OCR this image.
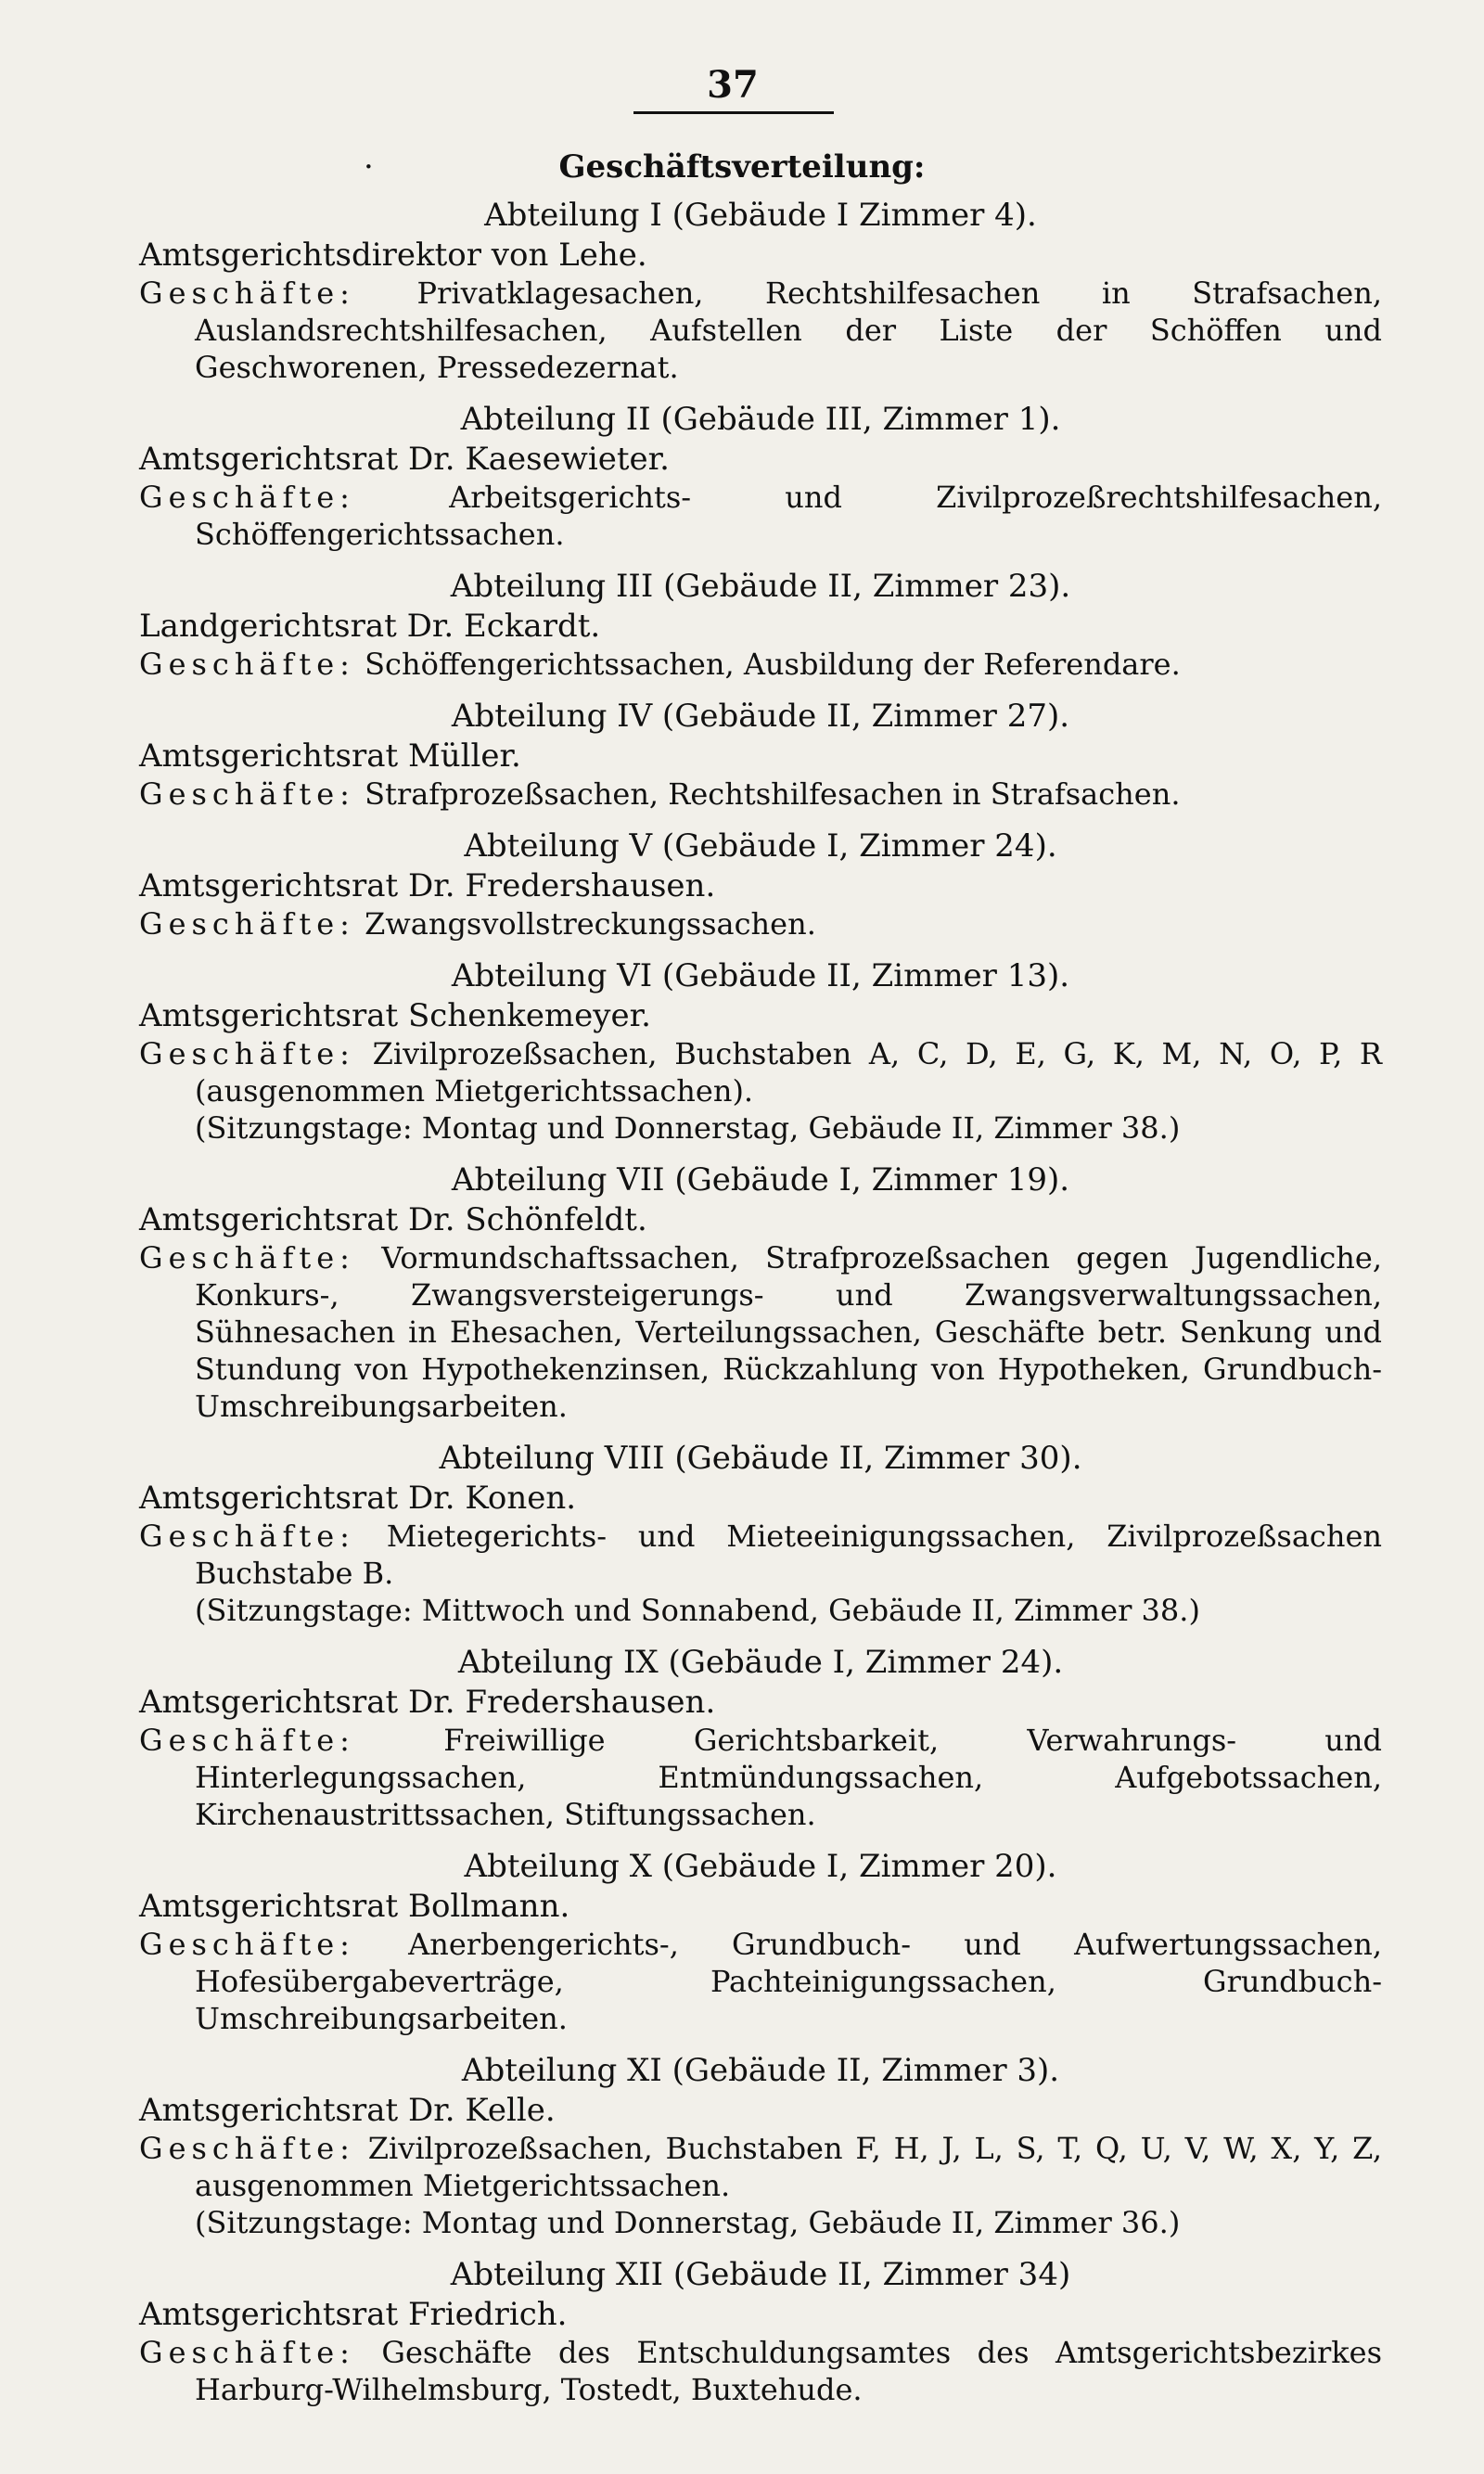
37
·	Geschäftsverteilung:
Abteilung I (Gebäude I Zimmer 4).
Amtsgerichtsdirektor von Lehe.
Geschäfte: Privatklagesachen, Rechtshilfesachen in Strafsachen, Auslandsrechtshilfesachen, Aufstellen der Liste der Schöffen und Geschworenen, Pressedezernat.
Abteilung II (Gebäude III, Zimmer 1).
Amtsgerichtsrat Dr. Kaesewieter.
Geschäfte:	Arbeitsgerichts- und Zivilprozeßrechtshilfesachen, Schöffengerichtssachen.
Abteilung III (Gebäude II, Zimmer 23).
Landgerichtsrat Dr. Eckardt.
Geschäfte: Schöffengerichtssachen, Ausbildung der Referendare.
Abteilung IV (Gebäude II, Zimmer 27).
Amtsgerichtsrat Müller.
Geschäfte: Strafprozeßsachen, Rechtshilfesachen in Strafsachen.
Abteilung V (Gebäude I, Zimmer 24).
Amtsgerichtsrat Dr. Fredershausen.
Geschäfte: Zwangsvollstreckungssachen.
Abteilung VI (Gebäude II, Zimmer 13).
Amtsgerichtsrat Schenkemeyer.
Geschäfte: Zivilprozeßsachen, Buchstaben A, C, D, E, G, K, M, N, O, P, R (ausgenommen Mietgerichtssachen).
(Sitzungstage: Montag und Donnerstag, Gebäude II, Zimmer 38.)
Abteilung VII (Gebäude I, Zimmer 19).
Amtsgerichtsrat Dr. Schönfeldt.
Geschäfte: Vormundschaftssachen, Strafprozeßsachen gegen Jugendliche, Konkurs-, Zwangsversteigerungs- und Zwangsverwaltungssachen, Sühnesachen in Ehesachen, Verteilungssachen, Geschäfte betr. Senkung und Stundung von Hypothekenzinsen, Rückzahlung von Hypotheken, Grundbuch-Umschreibungsarbeiten.
Abteilung VIII (Gebäude II, Zimmer 30).
Amtsgerichtsrat Dr. Konen.
Geschäfte: Mietegerichts- und Mieteeinigungssachen, Zivilprozeßsachen Buchstabe B.
(Sitzungstage: Mittwoch und Sonnabend, Gebäude II, Zimmer 38.)
Abteilung IX (Gebäude I, Zimmer 24).
Amtsgerichtsrat Dr. Fredershausen.
Geschäfte:	Freiwillige Gerichtsbarkeit, Verwahrungs- und Hinterlegungssachen, Entmündungssachen, Aufgebotssachen, Kirchenaustrittssachen, Stiftungssachen.
Abteilung X (Gebäude I, Zimmer 20).
Amtsgerichtsrat Bollmann.
Geschäfte: Anerbengerichts-, Grundbuch- und Aufwertungssachen, Hofesübergabeverträge, Pachteinigungssachen, Grundbuch-Umschreibungsarbeiten.
Abteilung XI (Gebäude II, Zimmer 3).
Amtsgerichtsrat Dr. Kelle.
Geschäfte: Zivilprozeßsachen, Buchstaben F, H, J, L, S, T, Q, U, V, W, X, Y, Z, ausgenommen Mietgerichtssachen.
(Sitzungstage: Montag und Donnerstag, Gebäude II, Zimmer 36.)
Abteilung XII (Gebäude II, Zimmer 34)
Amtsgerichtsrat Friedrich.
Geschäfte: Geschäfte des Entschuldungsamtes des Amtsgerichtsbezirkes Harburg-Wilhelmsburg, Tostedt, Buxtehude.
